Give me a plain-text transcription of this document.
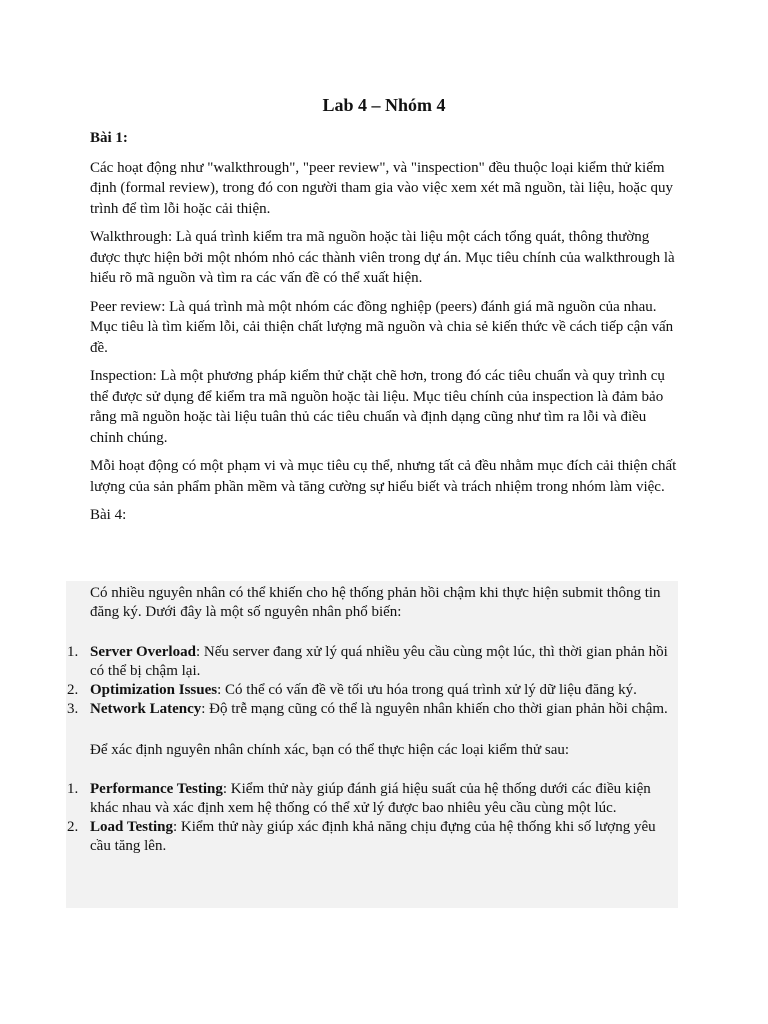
Lab 4 – Nhóm 4
Bài 1:

Các hoạt động như "walkthrough", "peer review", và "inspection" đều thuộc loại kiểm thử kiểm định (formal review), trong đó con người tham gia vào việc xem xét mã nguồn, tài liệu, hoặc quy trình để tìm lỗi hoặc cải thiện.

Walkthrough: Là quá trình kiểm tra mã nguồn hoặc tài liệu một cách tổng quát, thông thường được thực hiện bởi một nhóm nhỏ các thành viên trong dự án. Mục tiêu chính của walkthrough là hiểu rõ mã nguồn và tìm ra các vấn đề có thể xuất hiện.

Peer review: Là quá trình mà một nhóm các đồng nghiệp (peers) đánh giá mã nguồn của nhau. Mục tiêu là tìm kiếm lỗi, cải thiện chất lượng mã nguồn và chia sẻ kiến thức về cách tiếp cận vấn đề.

Inspection: Là một phương pháp kiểm thử chặt chẽ hơn, trong đó các tiêu chuẩn và quy trình cụ thể được sử dụng để kiểm tra mã nguồn hoặc tài liệu. Mục tiêu chính của inspection là đảm bảo rằng mã nguồn hoặc tài liệu tuân thủ các tiêu chuẩn và định dạng cũng như tìm ra lỗi và điều chỉnh chúng.

Mỗi hoạt động có một phạm vi và mục tiêu cụ thể, nhưng tất cả đều nhằm mục đích cải thiện chất lượng của sản phẩm phần mềm và tăng cường sự hiểu biết và trách nhiệm trong nhóm làm việc.

Bài 4:

Có nhiều nguyên nhân có thể khiến cho hệ thống phản hồi chậm khi thực hiện submit thông tin đăng ký. Dưới đây là một số nguyên nhân phổ biến:

1. Server Overload: Nếu server đang xử lý quá nhiều yêu cầu cùng một lúc, thì thời gian phản hồi có thể bị chậm lại.
2. Optimization Issues: Có thể có vấn đề về tối ưu hóa trong quá trình xử lý dữ liệu đăng ký.
3. Network Latency: Độ trễ mạng cũng có thể là nguyên nhân khiến cho thời gian phản hồi chậm.

Để xác định nguyên nhân chính xác, bạn có thể thực hiện các loại kiểm thử sau:

1. Performance Testing: Kiểm thử này giúp đánh giá hiệu suất của hệ thống dưới các điều kiện khác nhau và xác định xem hệ thống có thể xử lý được bao nhiêu yêu cầu cùng một lúc.
2. Load Testing: Kiểm thử này giúp xác định khả năng chịu đựng của hệ thống khi số lượng yêu cầu tăng lên.
